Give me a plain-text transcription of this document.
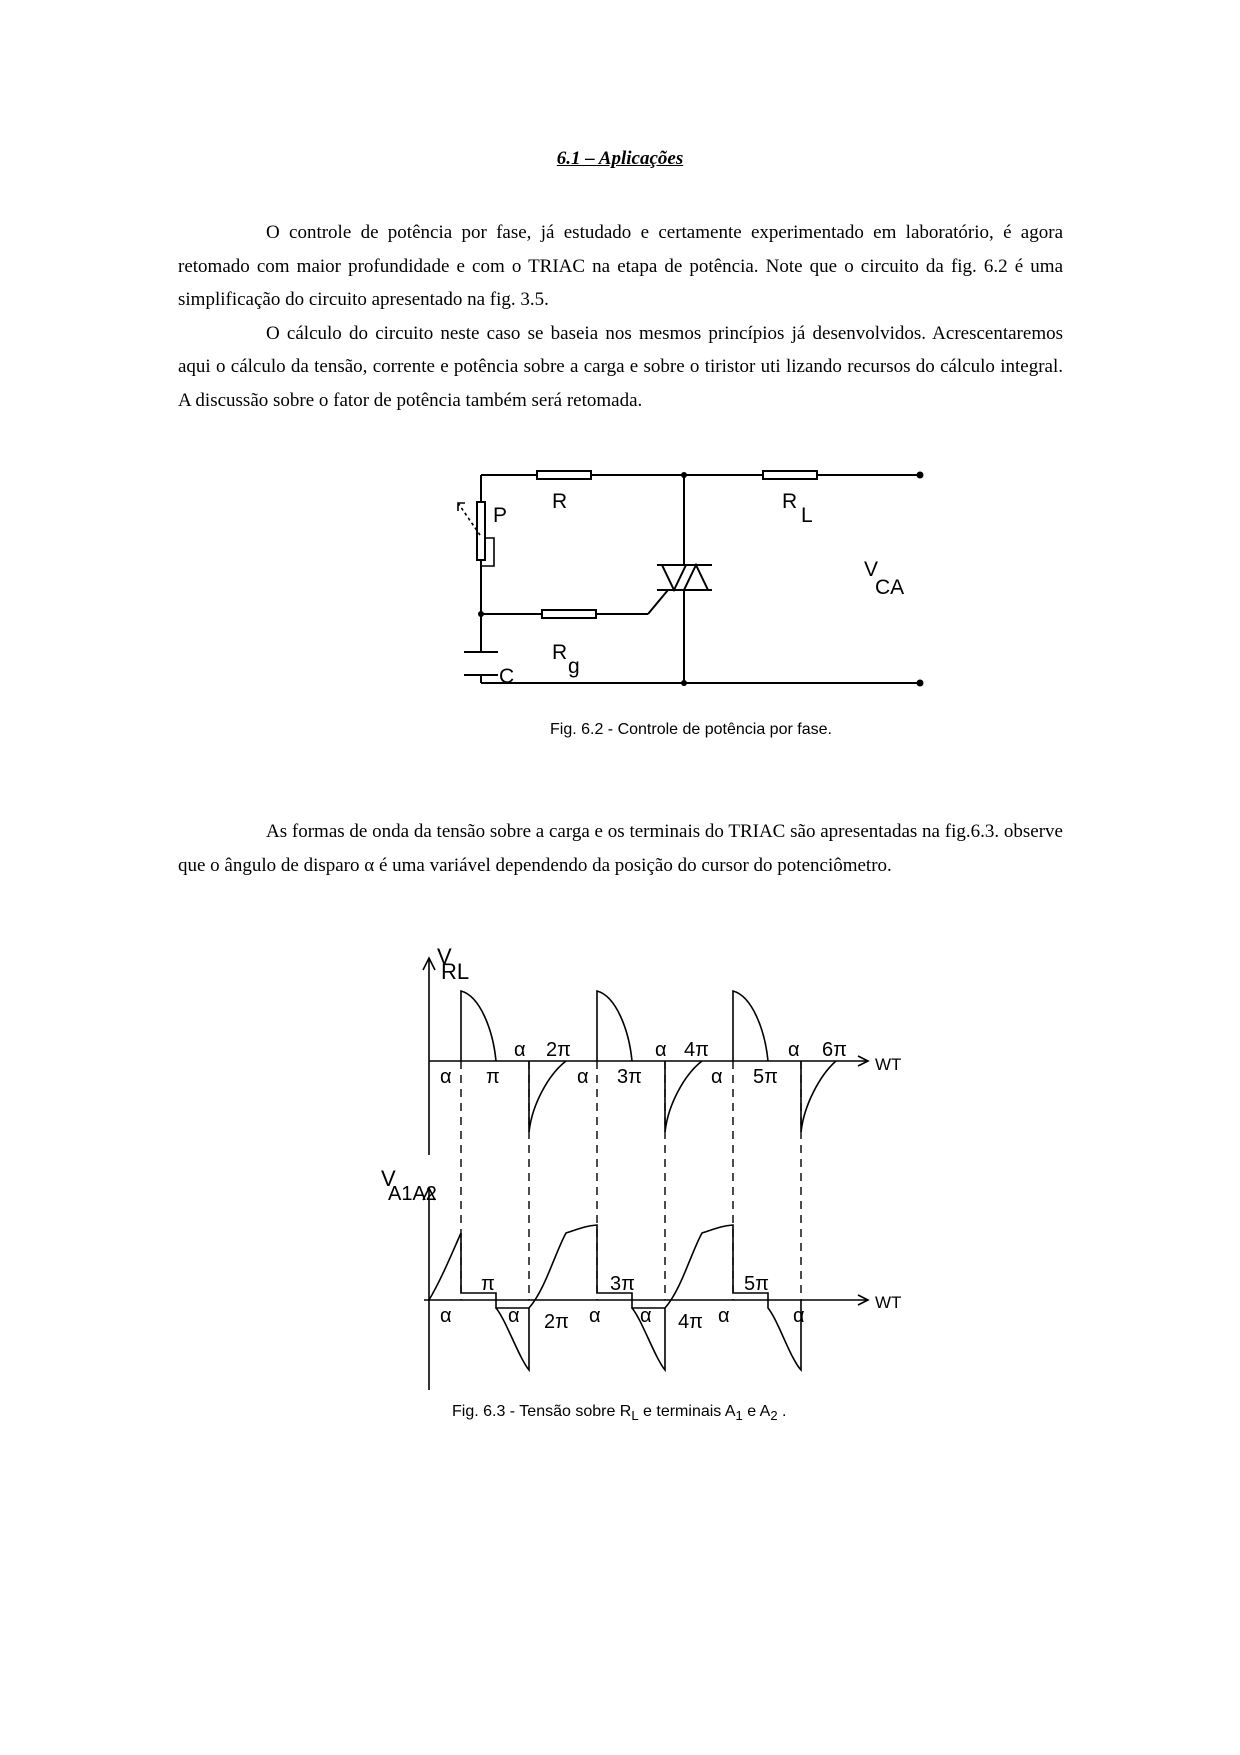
6.1 – Aplicações

O controle de potência por fase, já estudado e certamente experimentado em laboratório, é agora retomado com maior profundidade e com o TRIAC na etapa de potência. Note que o circuito da fig. 6.2 é uma simplificação do circuito apresentado na fig. 3.5.

O cálculo do circuito neste caso se baseia nos mesmos princípios já desenvolvidos. Acrescentaremos aqui o cálculo da tensão, corrente e potência sobre a carga e sobre o tiristor uti lizando recursos do cálculo integral. A discussão sobre o fator de potência também será retomada.

P
R	R
L
V
CA
R
g
C
Fig. 6.2 - Controle de potência por fase.

As formas de onda da tensão sobre a carga e os terminais do TRIAC são apresentadas na fig.6.3. observe que o ângulo de disparo α é uma variável dependendo da posição do cursor do potenciômetro.

V
RL
WT
α 2π	α 4π	α 6π
α π	α 3π	α 5π
V
A1A2
WT
π	3π	5π
α	α 2π α α 4π α	α
Fig. 6.3 - Tensão sobre $R_L$ e terminais $A_1$ e $A_2$ .
